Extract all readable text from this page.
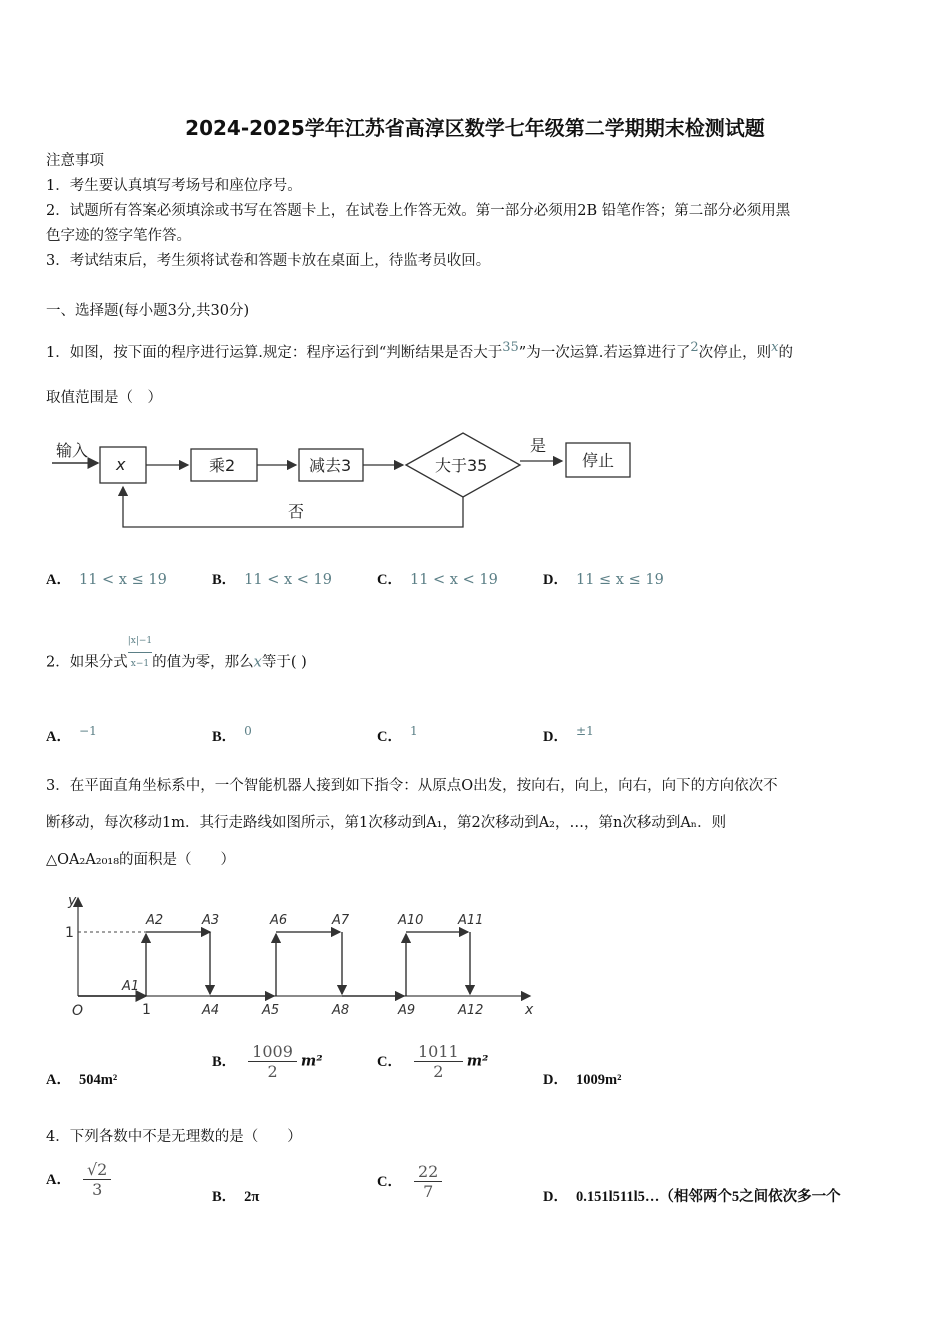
2024-2025学年江苏省高淳区数学七年级第二学期期末检测试题
注意事项
1．考生要认真填写考场号和座位序号。
2．试题所有答案必须填涂或书写在答题卡上，在试卷上作答无效。第一部分必须用2B 铅笔作答；第二部分必须用黑
色字迹的签字笔作答。
3．考试结束后，考生须将试卷和答题卡放在桌面上，待监考员收回。
一、选择题(每小题3分,共30分)
1．如图，按下面的程序进行运算.规定：程序运行到“判断结果是否大于$^{35}$”为一次运算.若运算进行了$^2$次停止，则$^x$的
取值范围是（　）
输入
x	乘2	减去3	大于35
是
停止
否
A． 11 < x ≤ 19	B． 11 < x < 19	C． 11 < x < 19	D． 11 ≤ x ≤ 19
2．如果分式 $\frac{|x|-1}{x-1}$的值为零，那么x等于( )
A． $^{-1}$	B． $^0$	C． $^1$	D． $^{\pm 1}$
3．在平面直角坐标系中，一个智能机器人接到如下指令：从原点O出发，按向右，向上，向右，向下的方向依次不
断移动，每次移动1m．其行走路线如图所示，第1次移动到A₁，第2次移动到A₂，…，第n次移动到Aₙ．则
△OA₂A₂₀₁₈的面积是（　　）
y
x
O
1
1
A1
A2	A3
A4	A5
A6	A7
A8	A9
A10	A11
A12
A． 504m²
B． $\frac{1009}{2} m^2$	C． $\frac{1011}{2} m^2$
D． 1009m²
4．下列各数中不是无理数的是（　　）
A． $\frac{√2}{3}$	B． 2π
C． $\frac{22}{7}$	D． 0.151l511l5…（相邻两个5之间依次多一个
